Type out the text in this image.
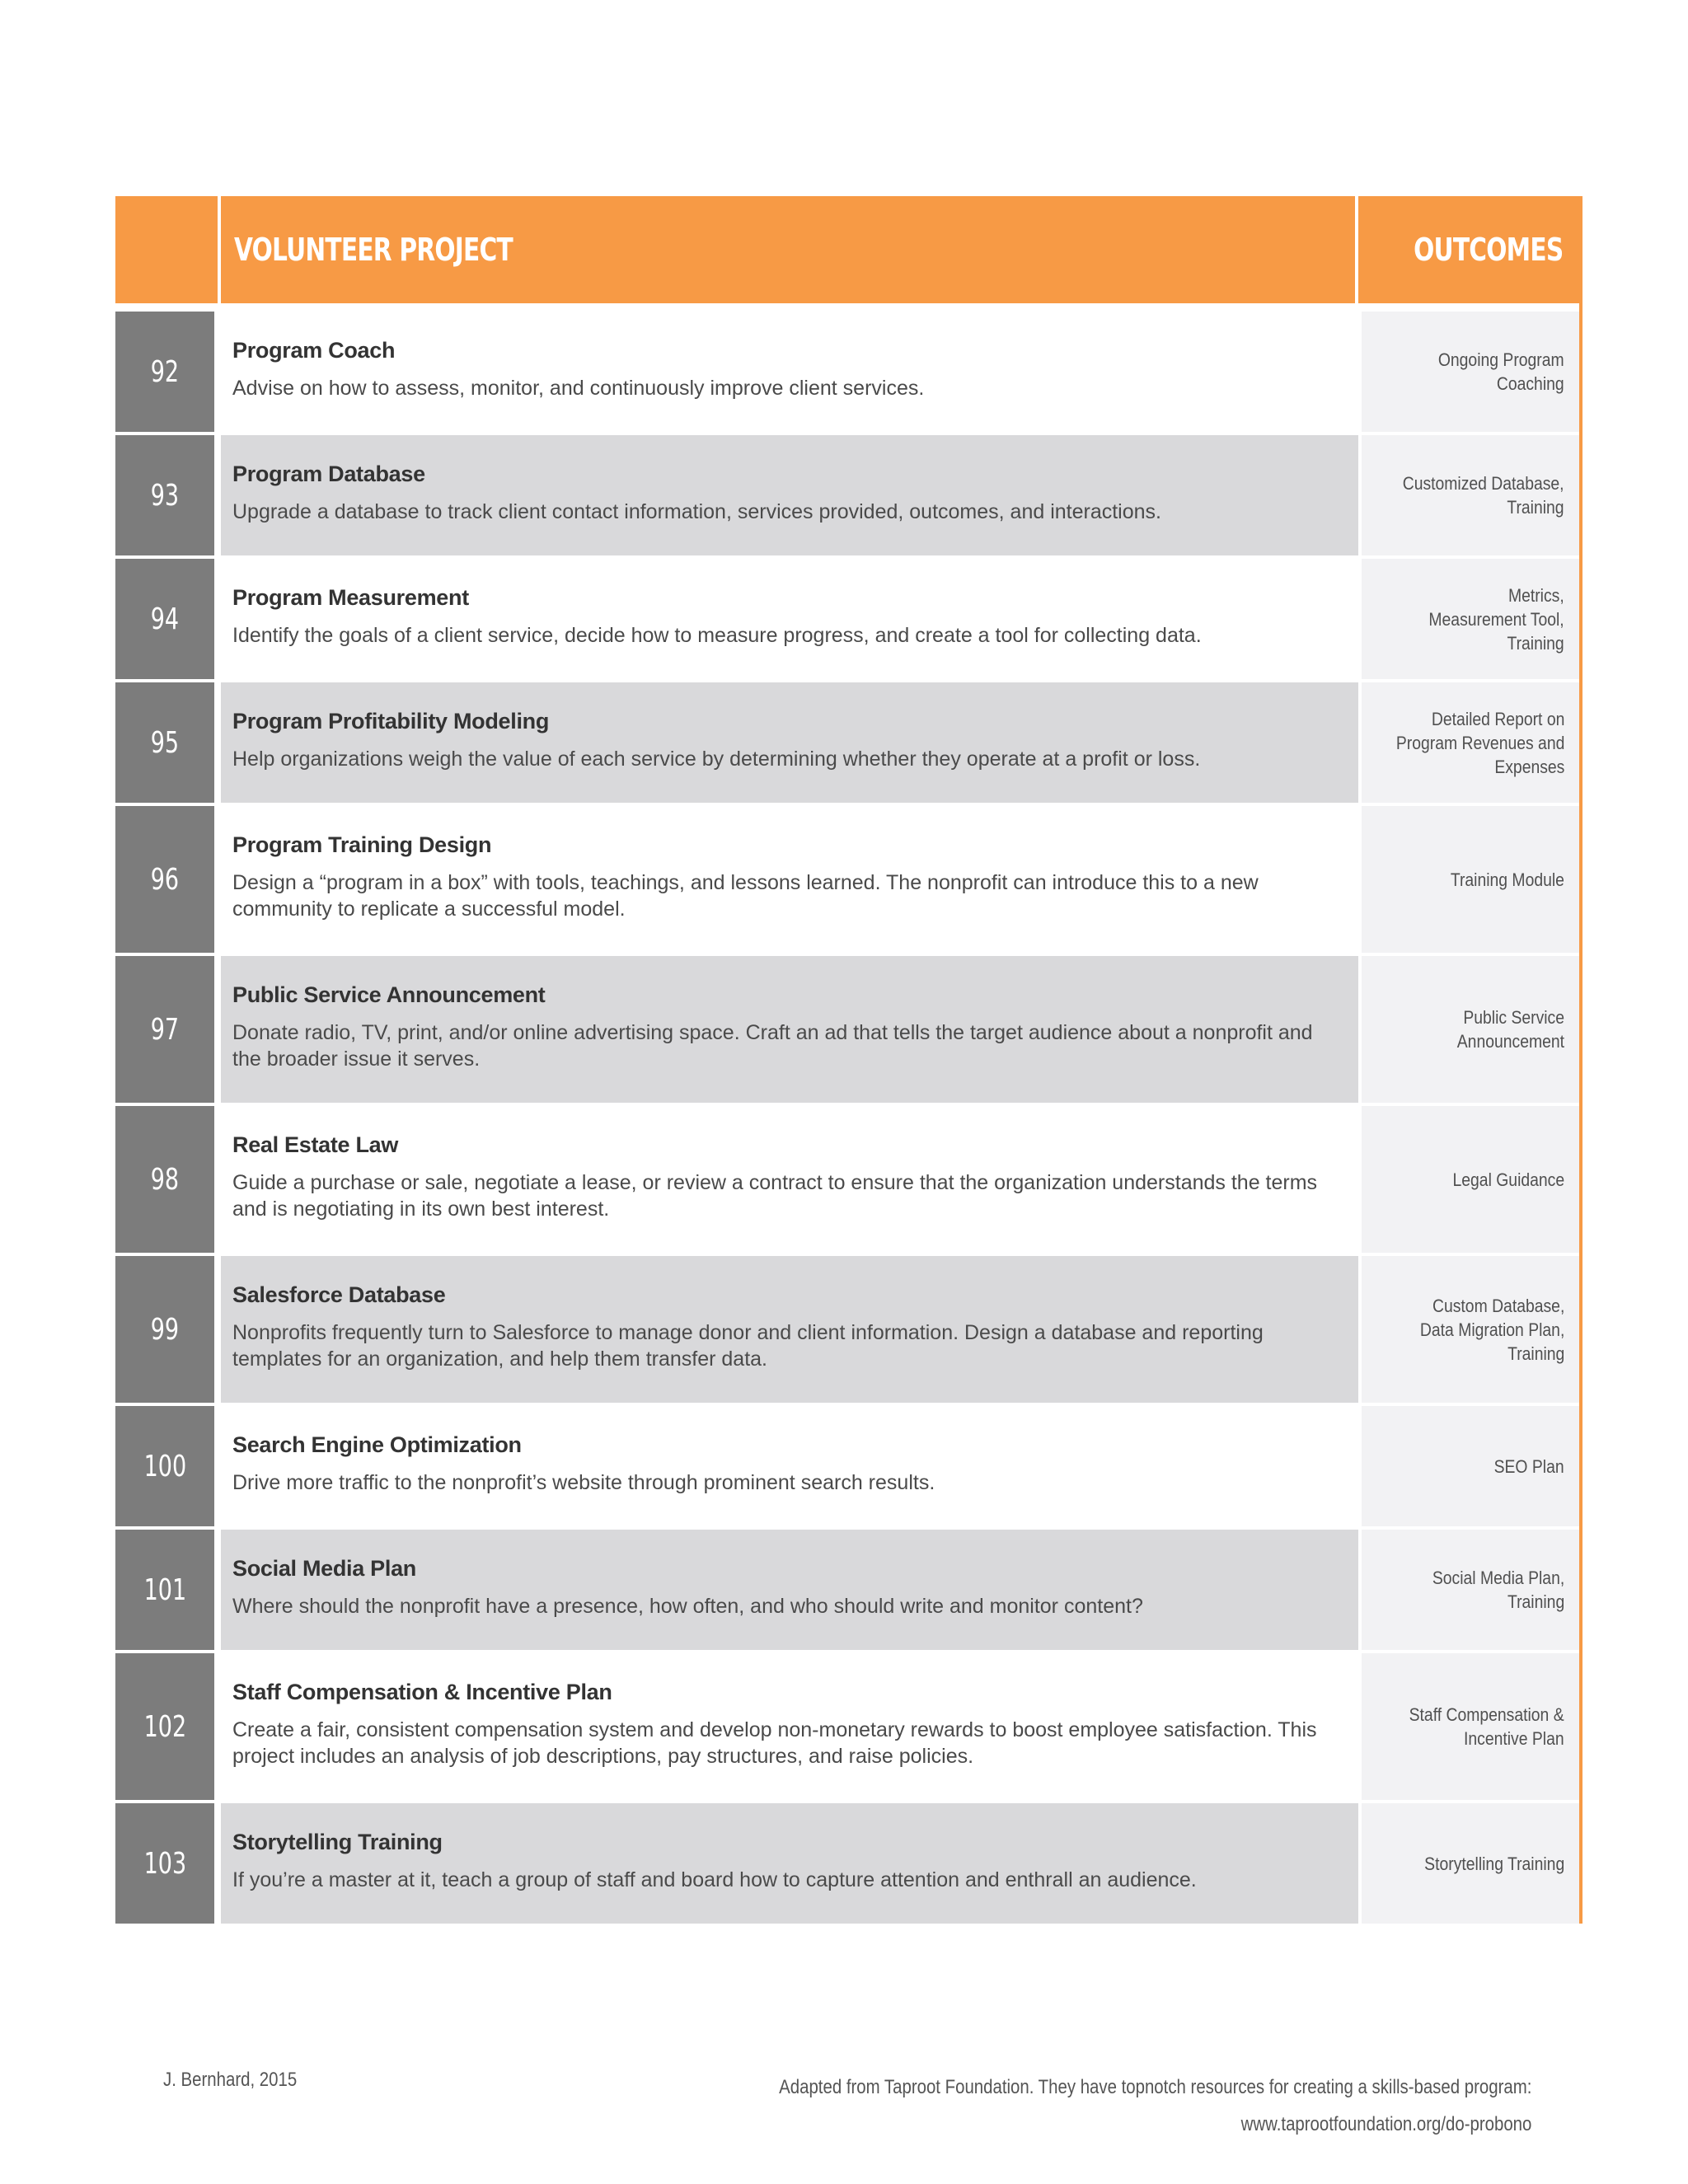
VOLUNTEER PROJECT	OUTCOMES
92

Program Coach

Advise on how to assess, monitor, and continuously improve client services.

Ongoing Program
Coaching
93

Program Database

Upgrade a database to track client contact information, services provided, outcomes, and interactions.

Customized Database,
Training
94

Program Measurement

Identify the goals of a client service, decide how to measure progress, and create a tool for collecting data.

Metrics,
Measurement Tool,
Training
95

Program Profitability Modeling

Help organizations weigh the value of each service by determining whether they operate at a profit or loss.

Detailed Report on
Program Revenues and
Expenses
96

Program Training Design

Design a “program in a box” with tools, teachings, and lessons learned. The nonprofit can introduce this to a new community to replicate a successful model.

Training Module
97

Public Service Announcement

Donate radio, TV, print, and/or online advertising space. Craft an ad that tells the target audience about a nonprofit and the broader issue it serves.

Public Service
Announcement
98

Real Estate Law

Guide a purchase or sale, negotiate a lease, or review a contract to ensure that the organization understands the terms and is negotiating in its own best interest.

Legal Guidance
99

Salesforce Database

Nonprofits frequently turn to Salesforce to manage donor and client information. Design a database and reporting templates for an organization, and help them transfer data.

Custom Database,
Data Migration Plan,
Training
100

Search Engine Optimization

Drive more traffic to the nonprofit’s website through prominent search results.

SEO Plan
101

Social Media Plan

Where should the nonprofit have a presence, how often, and who should write and monitor content?

Social Media Plan,
Training
102

Staff Compensation & Incentive Plan

Create a fair, consistent compensation system and develop non-monetary rewards to boost employee satisfaction. This project includes an analysis of job descriptions, pay structures, and raise policies.

Staff Compensation &
Incentive Plan
103

Storytelling Training

If you’re a master at it, teach a group of staff and board how to capture attention and enthrall an audience.

Storytelling Training
J. Bernhard, 2015	Adapted from Taproot Foundation. They have topnotch resources for creating a skills-based program:
www.taprootfoundation.org/do-probono
